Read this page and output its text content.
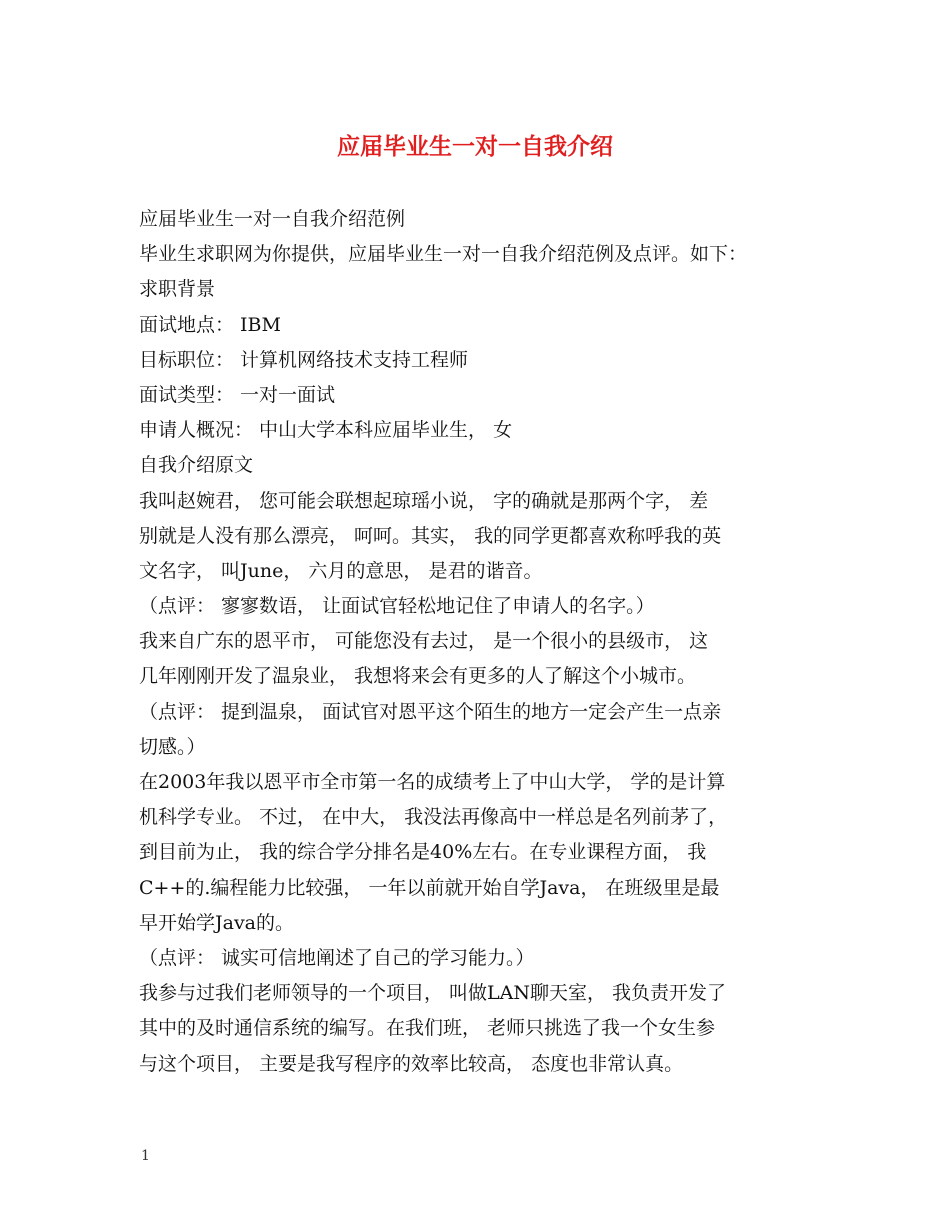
应届毕业生一对一自我介绍
应届毕业生一对一自我介绍范例
毕业生求职网为你提供，应届毕业生一对一自我介绍范例及点评。如下：
求职背景
面试地点： IBM
目标职位： 计算机网络技术支持工程师
面试类型： 一对一面试
申请人概况： 中山大学本科应届毕业生， 女
自我介绍原文
我叫赵婉君， 您可能会联想起琼瑶小说， 字的确就是那两个字， 差
别就是人没有那么漂亮， 呵呵。其实， 我的同学更都喜欢称呼我的英
文名字， 叫June， 六月的意思， 是君的谐音。
（点评： 寥寥数语， 让面试官轻松地记住了申请人的名字。）
我来自广东的恩平市， 可能您没有去过， 是一个很小的县级市， 这
几年刚刚开发了温泉业， 我想将来会有更多的人了解这个小城市。
（点评： 提到温泉， 面试官对恩平这个陌生的地方一定会产生一点亲
切感。）
在2003年我以恩平市全市第一名的成绩考上了中山大学， 学的是计算
机科学专业。 不过， 在中大， 我没法再像高中一样总是名列前茅了，
到目前为止， 我的综合学分排名是40%左右。在专业课程方面， 我
C++的.编程能力比较强， 一年以前就开始自学Java， 在班级里是最
早开始学Java的。
（点评： 诚实可信地阐述了自己的学习能力。）
我参与过我们老师领导的一个项目， 叫做LAN聊天室， 我负责开发了
其中的及时通信系统的编写。在我们班， 老师只挑选了我一个女生参
与这个项目， 主要是我写程序的效率比较高， 态度也非常认真。
1
